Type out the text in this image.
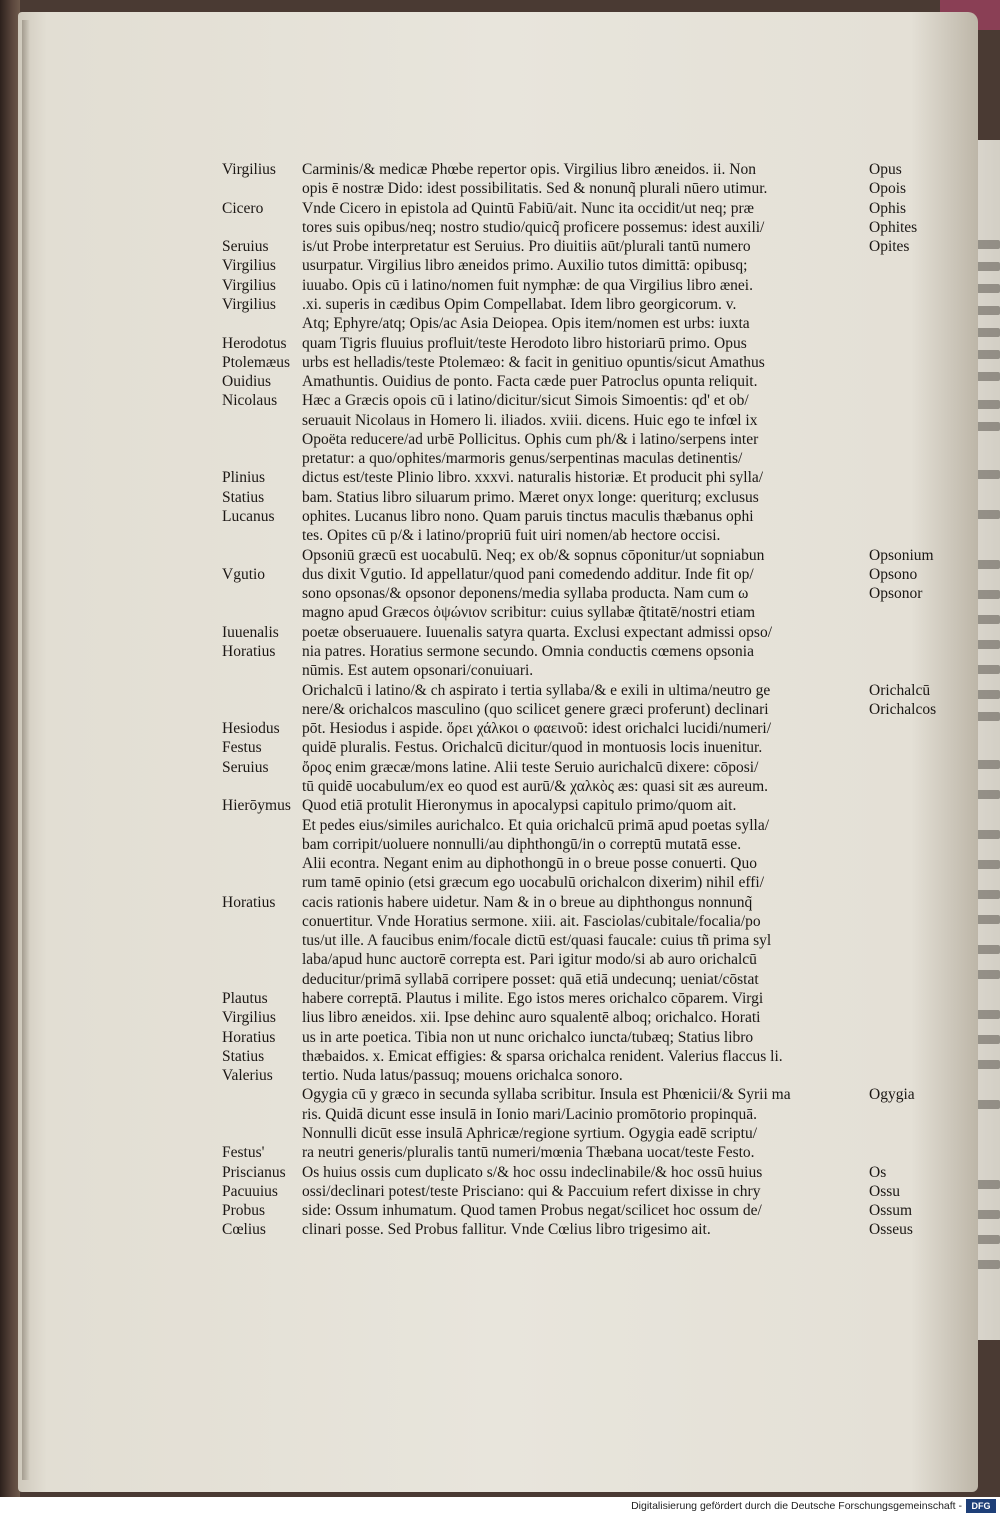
Virgilius Carminis/& medicæ Phœbe repertor opis. Virgilius libro æneidos. ii. Non	Opus
opis ē nostræ Dido: idest possibilitatis. Sed & nonunq̃ plurali nūero utimur.	Opois
Cicero Vnde Cicero in epistola ad Quintū Fabiū/ait. Nunc ita occidit/ut neq; præ	Ophis
tores suis opibus/neq; nostro studio/quicq̃ proficere possemus: idest auxili/	Ophites
Seruius is/ut Probe interpretatur est Seruius. Pro diuitiis aūt/plurali tantū numero	Opites
Virgilius usurpatur. Virgilius libro æneidos primo. Auxilio tutos dimittā: opibusq;
Virgilius iuuabo. Opis cū i latino/nomen fuit nymphæ: de qua Virgilius libro ænei.
Virgilius .xi. superis in cædibus Opim Compellabat. Idem libro georgicorum. v.
Atq; Ephyre/atq; Opis/ac Asia Deiopea. Opis item/nomen est urbs: iuxta
Herodotus quam Tigris fluuius profluit/teste Herodoto libro historiarū primo. Opus
Ptolemæus urbs est helladis/teste Ptolemæo: & facit in genitiuo opuntis/sicut Amathus
Ouidius Amathuntis. Ouidius de ponto. Facta cæde puer Patroclus opunta reliquit.
Nicolaus Hæc a Græcis opois cū i latino/dicitur/sicut Simois Simoentis: qd' et ob/
seruauit Nicolaus in Homero li. iliados. xviii. dicens. Huic ego te infœl ix
Opoëta reducere/ad urbē Pollicitus. Ophis cum ph/& i latino/serpens inter
pretatur: a quo/ophites/marmoris genus/serpentinas maculas detinentis/
Plinius dictus est/teste Plinio libro. xxxvi. naturalis historiæ. Et producit phi sylla/
Statius bam. Statius libro siluarum primo. Mæret onyx longe: queriturq; exclusus
Lucanus ophites. Lucanus libro nono. Quam paruis tinctus maculis thæbanus ophi
tes. Opites cū p/& i latino/propriū fuit uiri nomen/ab hectore occisi.
Opsoniū græcū est uocabulū. Neq; ex ob/& sopnus cōponitur/ut sopniabun	Opsonium
Vgutio dus dixit Vgutio. Id appellatur/quod pani comedendo additur. Inde fit op/	Opsono
sono opsonas/& opsonor deponens/media syllaba producta. Nam cum ω	Opsonor
magno apud Græcos ὀψώνιον scribitur: cuius syllabæ q̃titatē/nostri etiam
Iuuenalis poetæ obseruauere. Iuuenalis satyra quarta. Exclusi expectant admissi opso/
Horatius nia patres. Horatius sermone secundo. Omnia conductis cœmens opsonia
nūmis. Est autem opsonari/conuiuari.
Orichalcū i latino/& ch aspirato i tertia syllaba/& e exili in ultima/neutro ge	Orichalcū
nere/& orichalcos masculino (quo scilicet genere græci proferunt) declinari	Orichalcos
Hesiodus pōt. Hesiodus i aspide. ὅρει χάλκοι ο φαεινοῦ: idest orichalci lucidi/numeri/
Festus	quidē pluralis. Festus. Orichalcū dicitur/quod in montuosis locis inuenitur.
Seruius ὄρος enim græcæ/mons latine. Alii teste Seruio aurichalcū dixere: cōposi/
tū quidē uocabulum/ex eo quod est aurū/& χαλκὸς æs: quasi sit æs aureum.
Hierōymus Quod etiā protulit Hieronymus in apocalypsi capitulo primo/quom ait.
Et pedes eius/similes aurichalco. Et quia orichalcū primā apud poetas sylla/
bam corripit/uoluere nonnulli/au diphthongū/in o correptū mutatā esse.
Alii econtra. Negant enim au diphothongū in o breue posse conuerti. Quo
rum tamē opinio (etsi græcum ego uocabulū orichalcon dixerim) nihil effi/
Horatius cacis rationis habere uidetur. Nam & in o breue au diphthongus nonnunq̃
conuertitur. Vnde Horatius sermone. xiii. ait. Fasciolas/cubitale/focalia/po
tus/ut ille. A faucibus enim/focale dictū est/quasi faucale: cuius tñ prima syl
laba/apud hunc auctorē correpta est. Pari igitur modo/si ab auro orichalcū
deducitur/primā syllabā corripere posset: quā etiā undecunq; ueniat/cōstat
Plautus habere correptā. Plautus i milite. Ego istos meres orichalco cōparem. Virgi
Virgilius lius libro æneidos. xii. Ipse dehinc auro squalentē alboq; orichalco. Horati
Horatius us in arte poetica. Tibia non ut nunc orichalco iuncta/tubæq; Statius libro
Statius thæbaidos. x. Emicat effigies: & sparsa orichalca renident. Valerius flaccus li.
Valerius tertio. Nuda latus/passuq; mouens orichalca sonoro.
Ogygia cū y græco in secunda syllaba scribitur. Insula est Phœnicii/& Syrii ma	Ogygia
ris. Quidā dicunt esse insulā in Ionio mari/Lacinio promōtorio propinquā.
Nonnulli dicūt esse insulā Aphricæ/regione syrtium. Ogygia eadē scriptu/
Festus' ra neutri generis/pluralis tantū numeri/mœnia Thæbana uocat/teste Festo.
Priscianus Os huius ossis cum duplicato s/& hoc ossu indeclinabile/& hoc ossū huius	Os
Pacuuius ossi/declinari potest/teste Prisciano: qui & Paccuium refert dixisse in chry	Ossu
Probus side: Ossum inhumatum. Quod tamen Probus negat/scilicet hoc ossum de/	Ossum
Cœlius clinari posse. Sed Probus fallitur. Vnde Cœlius libro trigesimo ait.	Osseus
Digitalisierung gefördert durch die Deutsche Forschungsgemeinschaft -	DFG
